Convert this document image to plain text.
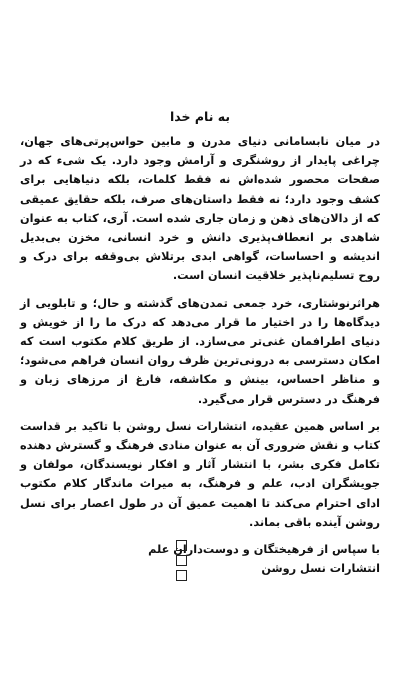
به نام خدا

در میان نابسامانی دنیای مدرن و مابین حواس‌پرتی‌های جهان، چراغی پایدار از روشنگری و آرامش وجود دارد. یک شیء که در صفحات محصور شده‌اش نه فقط کلمات، بلکه دنیاهایی برای کشف وجود دارد؛ نه فقط داستان‌های صرف، بلکه حقایق عمیقی که از دالان‌های ذهن و زمان جاری شده است. آری، کتاب به عنوان شاهدی بر انعطاف‌پذیری دانش و خرد انسانی، مخزن بی‌بدیل اندیشه و احساسات، گواهی ابدی برتلاش بی‌وقفه برای درک و روح تسلیم‌ناپذیر خلاقیت انسان است.

هراثرنوشتاری، خرد جمعی تمدن‌های گذشته و حال؛ و تابلویی از دیدگاه‌ها را در اختیار ما قرار می‌دهد که درک ما را از خویش و دنیای اطرافمان غنی‌تر می‌سازد. از طریق کلام مکتوب است که امکان دسترسی به درونی‌ترین ظرف روان انسان فراهم می‌شود؛ و مناظر احساس، بینش و مکاشفه، فارغ از مرزهای زبان و فرهنگ در دسترس قرار می‌گیرد.

بر اساس همین عقیده، انتشارات نسل روشن با تاکید بر قداست کتاب و نقش ضروری آن به عنوان منادی فرهنگ و گسترش دهنده تکامل فکری بشر، با انتشار آثار و افکار نویسندگان، مولفان و جویشگران ادب، علم و فرهنگ، به میراث ماندگار کلام مکتوب ادای احترام می‌کند تا اهمیت عمیق آن در طول اعصار برای نسل روشن آینده باقی بماند.

با سپاس از فرهیختگان و دوست‌داران علم
انتشارات نسل روشن
